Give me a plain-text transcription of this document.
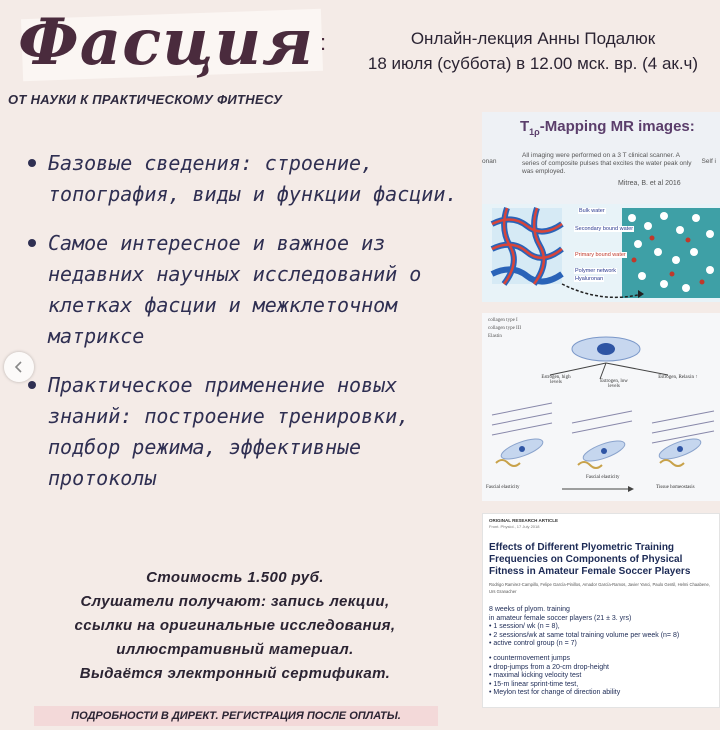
Фасция :
ОТ НАУКИ К ПРАКТИЧЕСКОМУ ФИТНЕСУ
Онлайн-лекция Анны Подалюк
18 июля (суббота) в 12.00 мск. вр. (4 ак.ч)
Базовые сведения: строение, топография, виды и функции фасции.
Самое интересное и важное из недавних научных исследований о клетках фасции и межклеточном матриксе
Практическое применение новых знаний: построение тренировки, подбор режима, эффективные протоколы
Стоимость 1.500 руб.
Слушатели получают: запись лекции,
ссылки на оригинальные исследования,
иллюстративный материал.
Выдаётся электронный сертификат.
ПОДРОБНОСТИ В ДИРЕКТ. РЕГИСТРАЦИЯ ПОСЛЕ ОПЛАТЫ.
$T_{1\rho}$-Mapping MR images:
onan	Self i
All imaging were performed on a 3 T clinical scanner. A series of composite pulses that excites the water peak only was employed.
Mitrea, B. et al 2016
Bulk water
Secondary bound water
Primary bound water
Polymer network
Hyaluronan
collagen type I
collagen type III
Elastin
Estrogen, high levels	Estrogen, low levels
Estrogen, Relaxin ↑
Fascial elasticity
Fascial elasticity
Tissue homeostasis
ORIGINAL RESEARCH ARTICLE
Front. Physiol., 17 July 2018
Effects of Different Plyometric Training Frequencies on Components of Physical Fitness in Amateur Female Soccer Players
Rodrigo Ramirez-Campillo, Felipe García-Pinillos, Amador García-Ramos, Javier Yanci, Paulo Gentil, Helmi Chaabene, Urs Granacher
8 weeks of plyom. training
in amateur female soccer players (21 ± 3. yrs)
• 1 session/ wk (n = 8),
• 2 sessions/wk at same total training volume per week (n= 8)
• active control group (n = 7)
• countermovement jumps
• drop-jumps from a 20-cm drop-height
• maximal kicking velocity test
• 15-m linear sprint-time test,
• Meylon test for change of direction ability
